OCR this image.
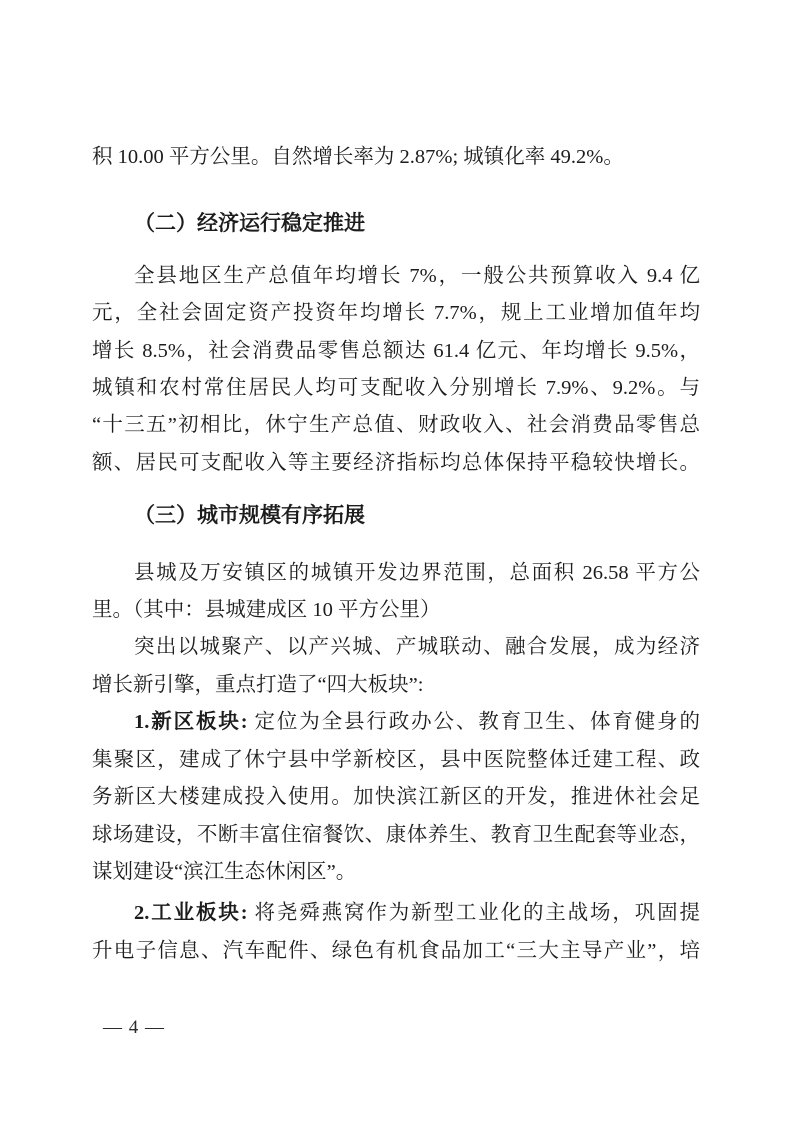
积 10.00 平方公里。自然增长率为 2.87%; 城镇化率 49.2%。
（二）经济运行稳定推进
全县地区生产总值年均增长 7%，一般公共预算收入 9.4 亿
元，全社会固定资产投资年均增长 7.7%，规上工业增加值年均
增长 8.5%，社会消费品零售总额达 61.4 亿元、年均增长 9.5%，
城镇和农村常住居民人均可支配收入分别增长 7.9%、9.2%。与
“十三五”初相比，休宁生产总值、财政收入、社会消费品零售总
额、居民可支配收入等主要经济指标均总体保持平稳较快增长。
（三）城市规模有序拓展
县城及万安镇区的城镇开发边界范围，总面积 26.58 平方公
里。（其中：县城建成区 10 平方公里）
突出以城聚产、以产兴城、产城联动、融合发展，成为经济
增长新引擎，重点打造了“四大板块”:
1.新区板块: 定位为全县行政办公、教育卫生、体育健身的
集聚区，建成了休宁县中学新校区，县中医院整体迁建工程、政
务新区大楼建成投入使用。加快滨江新区的开发，推进休社会足
球场建设，不断丰富住宿餐饮、康体养生、教育卫生配套等业态，
谋划建设“滨江生态休闲区”。
2.工业板块: 将尧舜燕窝作为新型工业化的主战场，巩固提
升电子信息、汽车配件、绿色有机食品加工“三大主导产业”，培
— 4 —
